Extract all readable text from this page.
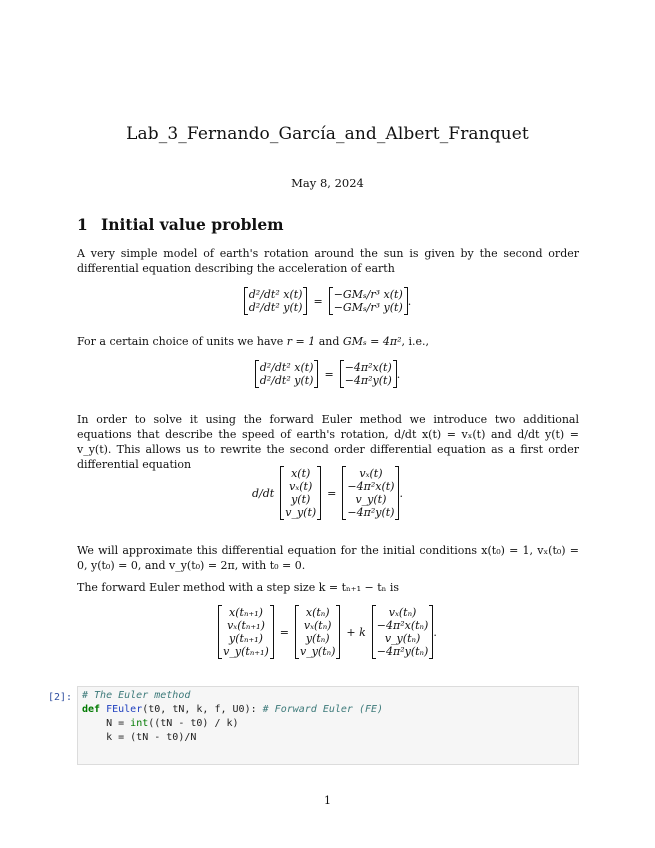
Lab_3_Fernando_García_and_Albert_Franquet
May 8, 2024
1 Initial value problem
A very simple model of earth's rotation around the sun is given by the second order differential equation describing the acceleration of earth
d²/dt² x(t)
d²/dt² y(t) = −GMₛ/r³ x(t)
−GMₛ/r³ y(t) .
For a certain choice of units we have r = 1 and GMₛ = 4π², i.e.,
d²/dt² x(t)
d²/dt² y(t) = −4π²x(t)
−4π²y(t) .
In order to solve it using the forward Euler method we introduce two additional equations that describe the speed of earth's rotation, d/dt x(t) = vₓ(t) and d/dt y(t) = v_y(t). This allows us to rewrite the second order differential equation as a first order differential equation
d/dt
x(t)
vₓ(t)
y(t)
v_y(t)
=
vₓ(t)
−4π²x(t)
v_y(t)
−4π²y(t)
.
We will approximate this differential equation for the initial conditions x(t₀) = 1, vₓ(t₀) = 0, y(t₀) = 0, and v_y(t₀) = 2π, with t₀ = 0.
The forward Euler method with a step size k = tₙ₊₁ − tₙ is
x(tₙ₊₁)
vₓ(tₙ₊₁)
y(tₙ₊₁)
v_y(tₙ₊₁)
=
x(tₙ)
vₓ(tₙ)
y(tₙ)
v_y(tₙ)
+ k
vₓ(tₙ)
−4π²x(tₙ)
v_y(tₙ)
−4π²y(tₙ)
.
[2]: # The Euler method
def FEuler(t0, tN, k, f, U0): # Forward Euler (FE)
N = int((tN - t0) / k)
k = (tN - t0)/N
1
